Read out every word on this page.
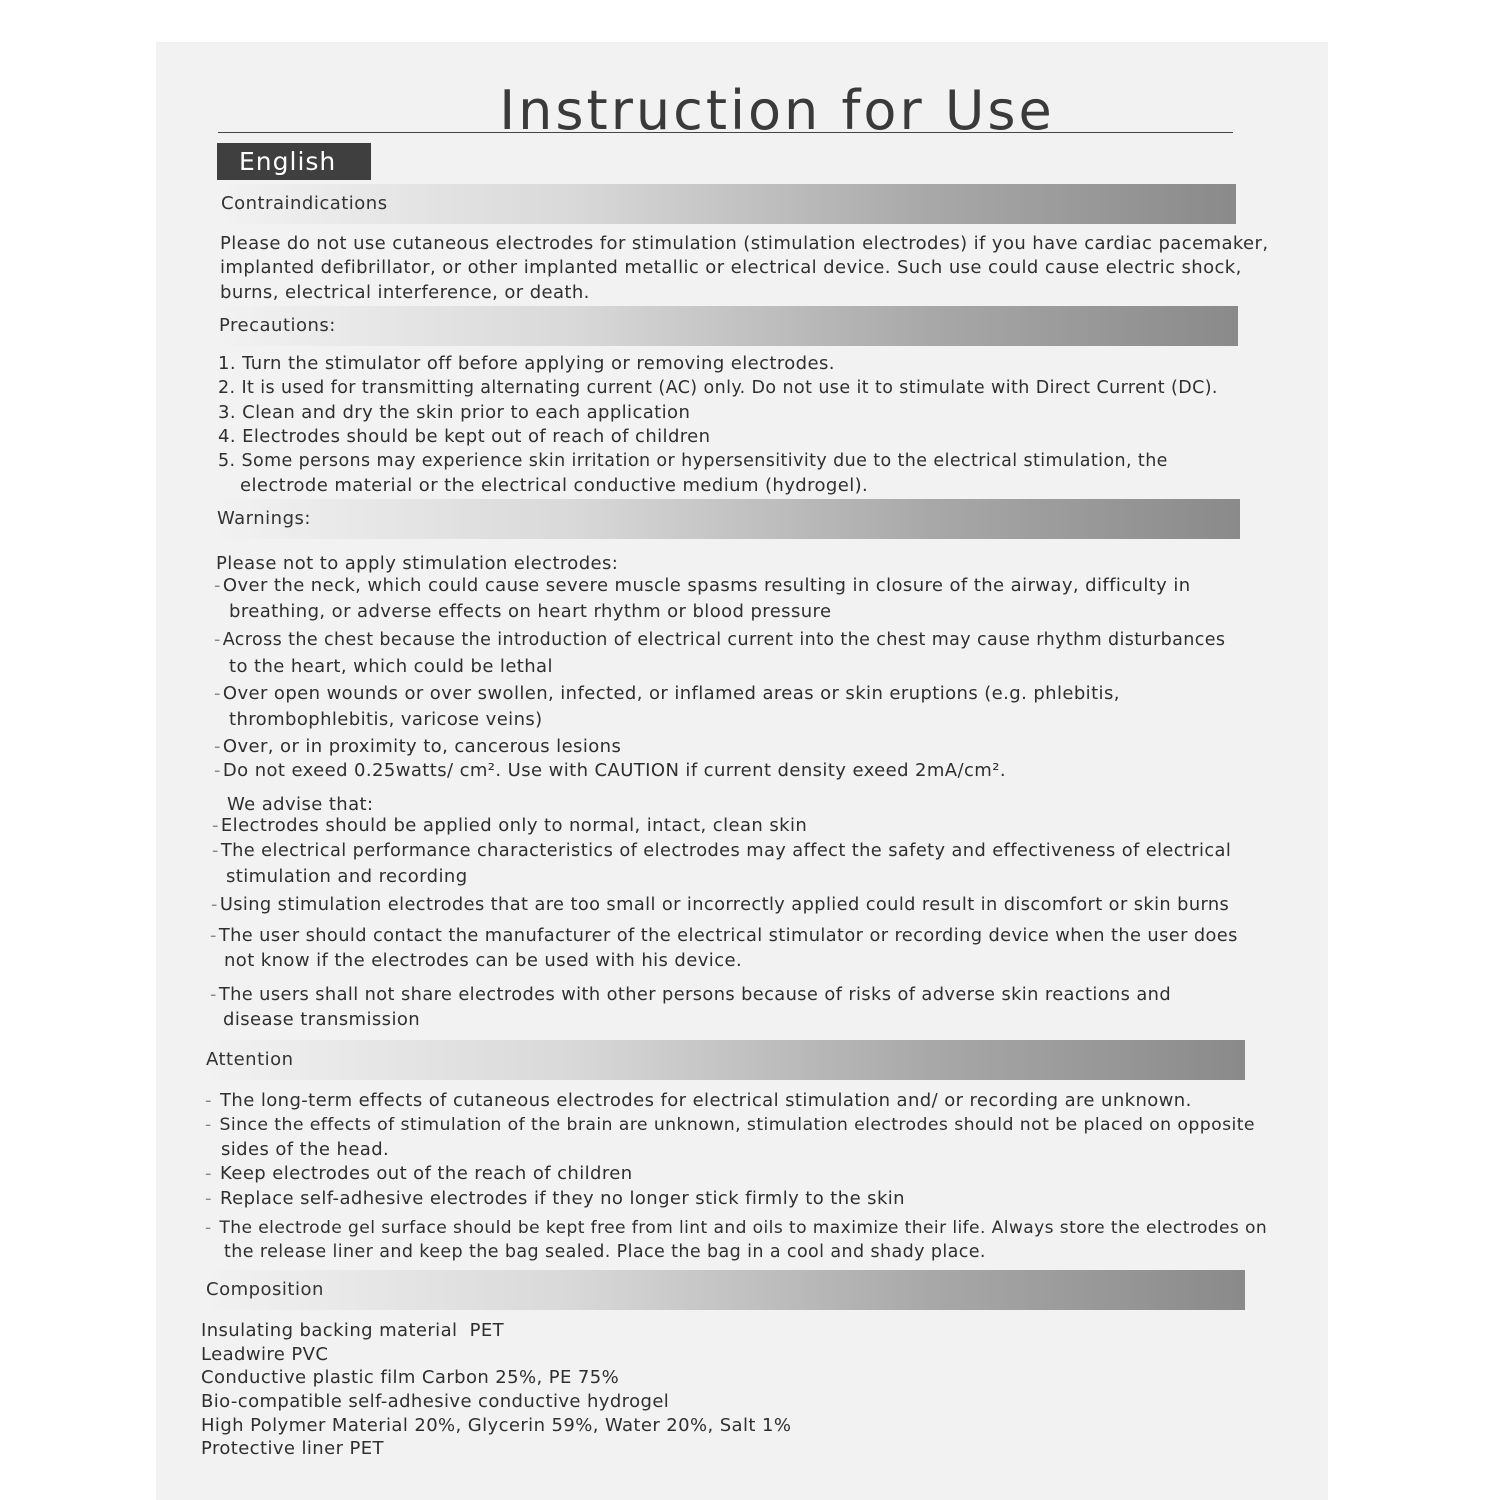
Instruction for Use
English
Contraindications
Please do not use cutaneous electrodes for stimulation (stimulation electrodes) if you have cardiac pacemaker,
implanted defibrillator, or other implanted metallic or electrical device. Such use could cause electric shock,
burns, electrical interference, or death.
Precautions:
1. Turn the stimulator off before applying or removing electrodes.
2. It is used for transmitting alternating current (AC) only. Do not use it to stimulate with Direct Current (DC).
3. Clean and dry the skin prior to each application
4. Electrodes should be kept out of reach of children
5. Some persons may experience skin irritation or hypersensitivity due to the electrical stimulation, the
electrode material or the electrical conductive medium (hydrogel).
Warnings:
Please not to apply stimulation electrodes:
- Over the neck, which could cause severe muscle spasms resulting in closure of the airway, difficulty in
breathing, or adverse effects on heart rhythm or blood pressure
- Across the chest because the introduction of electrical current into the chest may cause rhythm disturbances
to the heart, which could be lethal
- Over open wounds or over swollen, infected, or inflamed areas or skin eruptions (e.g. phlebitis,
thrombophlebitis, varicose veins)
- Over, or in proximity to, cancerous lesions
- Do not exeed 0.25watts/ cm². Use with CAUTION if current density exeed 2mA/cm².
We advise that:
- Electrodes should be applied only to normal, intact, clean skin
- The electrical performance characteristics of electrodes may affect the safety and effectiveness of electrical
stimulation and recording
- Using stimulation electrodes that are too small or incorrectly applied could result in discomfort or skin burns
- The user should contact the manufacturer of the electrical stimulator or recording device when the user does
not know if the electrodes can be used with his device.
- The users shall not share electrodes with other persons because of risks of adverse skin reactions and
disease transmission
Attention
- The long-term effects of cutaneous electrodes for electrical stimulation and/ or recording are unknown.
- Since the effects of stimulation of the brain are unknown, stimulation electrodes should not be placed on opposite
sides of the head.
- Keep electrodes out of the reach of children
- Replace self-adhesive electrodes if they no longer stick firmly to the skin
- The electrode gel surface should be kept free from lint and oils to maximize their life. Always store the electrodes on
the release liner and keep the bag sealed. Place the bag in a cool and shady place.
Composition
Insulating backing material  PET
Leadwire PVC
Conductive plastic film Carbon 25%, PE 75%
Bio-compatible self-adhesive conductive hydrogel
High Polymer Material 20%, Glycerin 59%, Water 20%, Salt 1%
Protective liner PET
